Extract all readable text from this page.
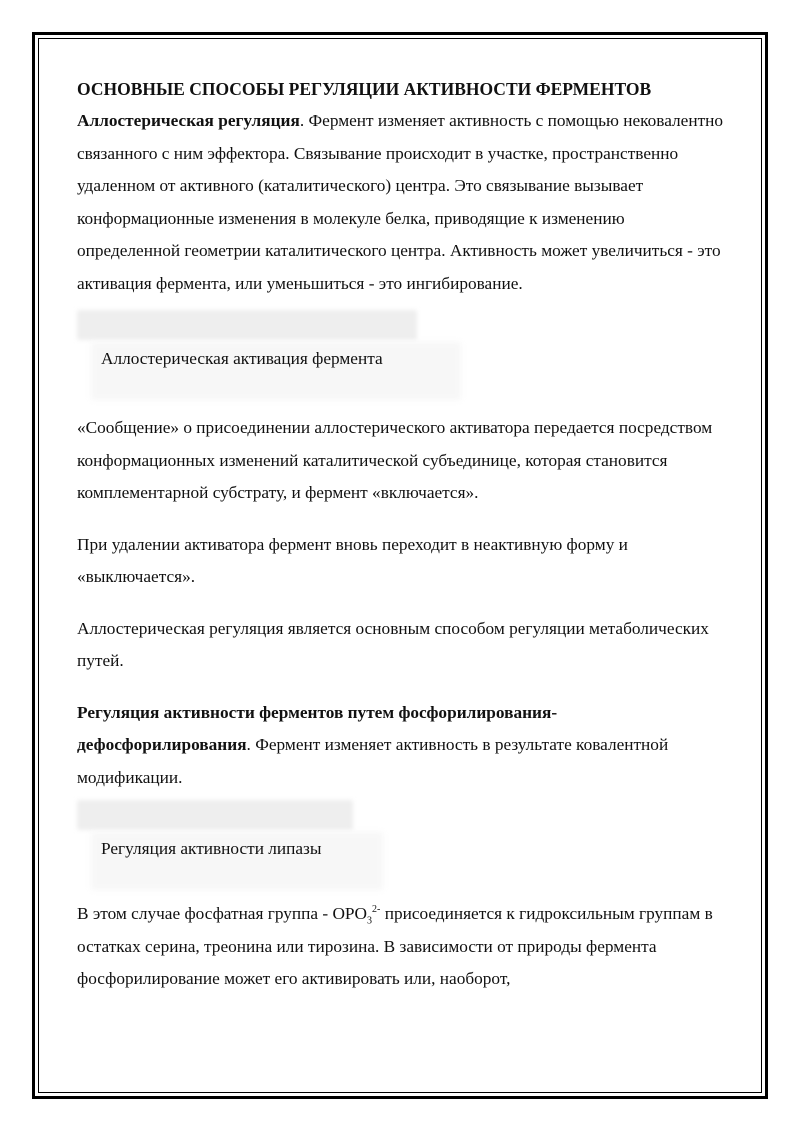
ОСНОВНЫЕ СПОСОБЫ РЕГУЛЯЦИИ АКТИВНОСТИ ФЕРМЕНТОВ

Аллостерическая регуляция. Фермент изменяет активность с помощью нековалентно связанного с ним эффектора. Связывание происходит в участке, пространственно удаленном от активного (каталитического) центра. Это связывание вызывает конформационные изменения в молекуле белка, приводящие к изменению определенной геометрии каталитического центра. Активность может увеличиться - это активация фермента, или уменьшиться - это ингибирование.

Аллостерическая активация фермента

«Сообщение» о присоединении аллостерического активатора передается посредством конформационных изменений каталитической субъединице, которая становится комплементарной субстрату, и фермент «включается».

При удалении активатора фермент вновь переходит в неактивную форму и «выключается».

Аллостерическая регуляция является основным способом регуляции метаболических путей.

Регуляция активности ферментов путем фосфорилирования-дефосфорилирования. Фермент изменяет активность в результате ковалентной модификации.

Регуляция активности липазы

В этом случае фосфатная группа - $OPO_3^{2-}$ присоединяется к гидроксильным группам в остатках серина, треонина или тирозина. В зависимости от природы фермента фосфорилирование может его активировать или, наоборот,
